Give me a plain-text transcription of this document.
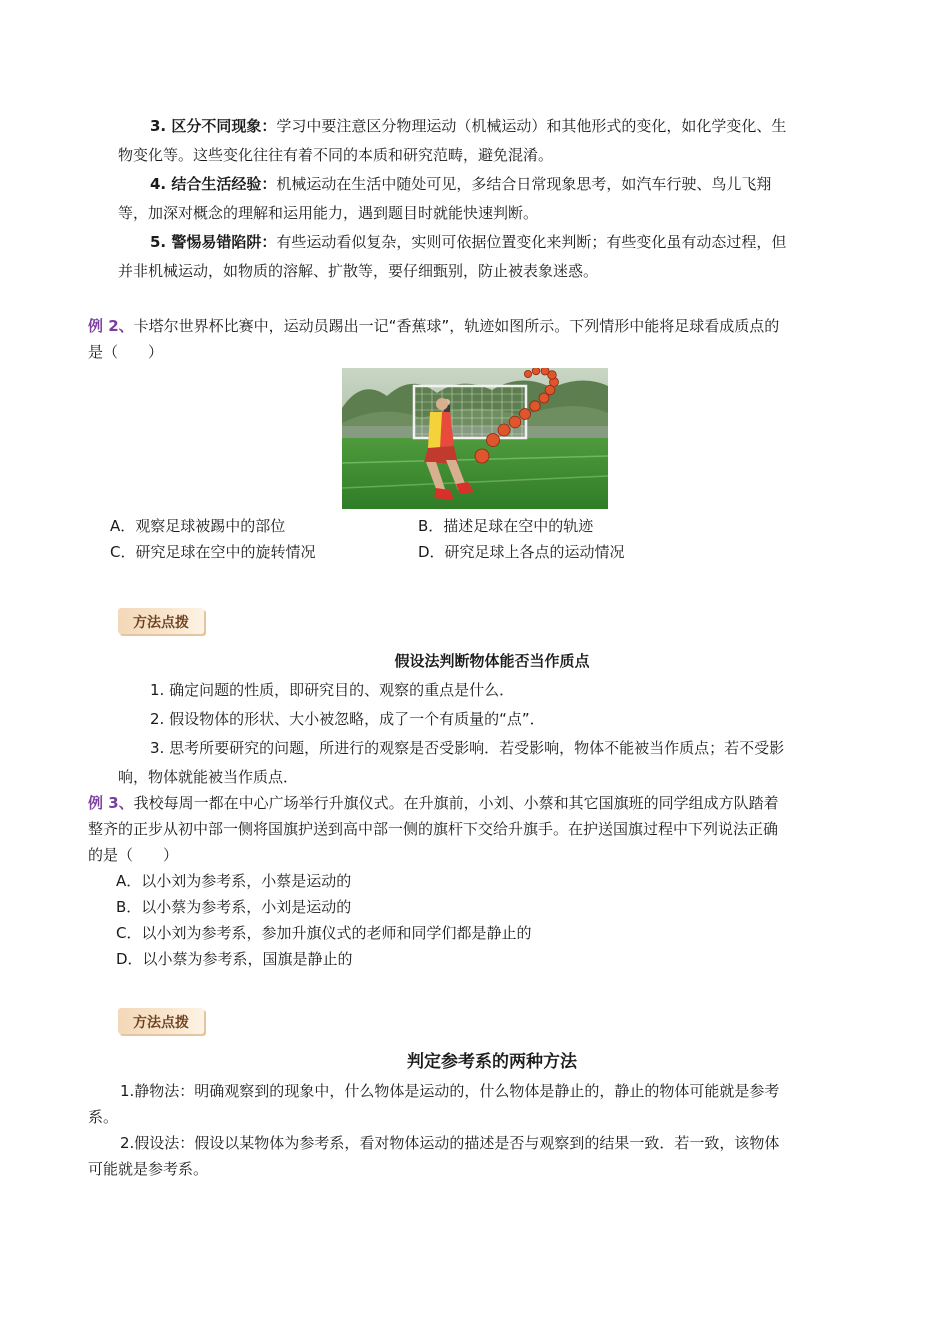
3. 区分不同现象：学习中要注意区分物理运动（机械运动）和其他形式的变化，如化学变化、生
物变化等。这些变化往往有着不同的本质和研究范畴，避免混淆。
4. 结合生活经验：机械运动在生活中随处可见，多结合日常现象思考，如汽车行驶、鸟儿飞翔
等，加深对概念的理解和运用能力，遇到题目时就能快速判断。
5. 警惕易错陷阱：有些运动看似复杂，实则可依据位置变化来判断；有些变化虽有动态过程，但
并非机械运动，如物质的溶解、扩散等，要仔细甄别，防止被表象迷惑。
例 2、卡塔尔世界杯比赛中，运动员踢出一记“香蕉球”，轨迹如图所示。下列情形中能将足球看成质点的
是（　　）
A．观察足球被踢中的部位	B．描述足球在空中的轨迹
C．研究足球在空中的旋转情况	D．研究足球上各点的运动情况
方法点拨
假设法判断物体能否当作质点
1. 确定问题的性质，即研究目的、观察的重点是什么．
2. 假设物体的形状、大小被忽略，成了一个有质量的“点”．
3. 思考所要研究的问题，所进行的观察是否受影响．若受影响，物体不能被当作质点；若不受影
响，物体就能被当作质点．
例 3、我校每周一都在中心广场举行升旗仪式。在升旗前，小刘、小蔡和其它国旗班的同学组成方队踏着
整齐的正步从初中部一侧将国旗护送到高中部一侧的旗杆下交给升旗手。在护送国旗过程中下列说法正确
的是（　　）
A．以小刘为参考系，小蔡是运动的
B．以小蔡为参考系，小刘是运动的
C．以小刘为参考系，参加升旗仪式的老师和同学们都是静止的
D．以小蔡为参考系，国旗是静止的
方法点拨
判定参考系的两种方法
1.静物法：明确观察到的现象中，什么物体是运动的，什么物体是静止的，静止的物体可能就是参考
系。
2.假设法：假设以某物体为参考系，看对物体运动的描述是否与观察到的结果一致．若一致，该物体
可能就是参考系。
